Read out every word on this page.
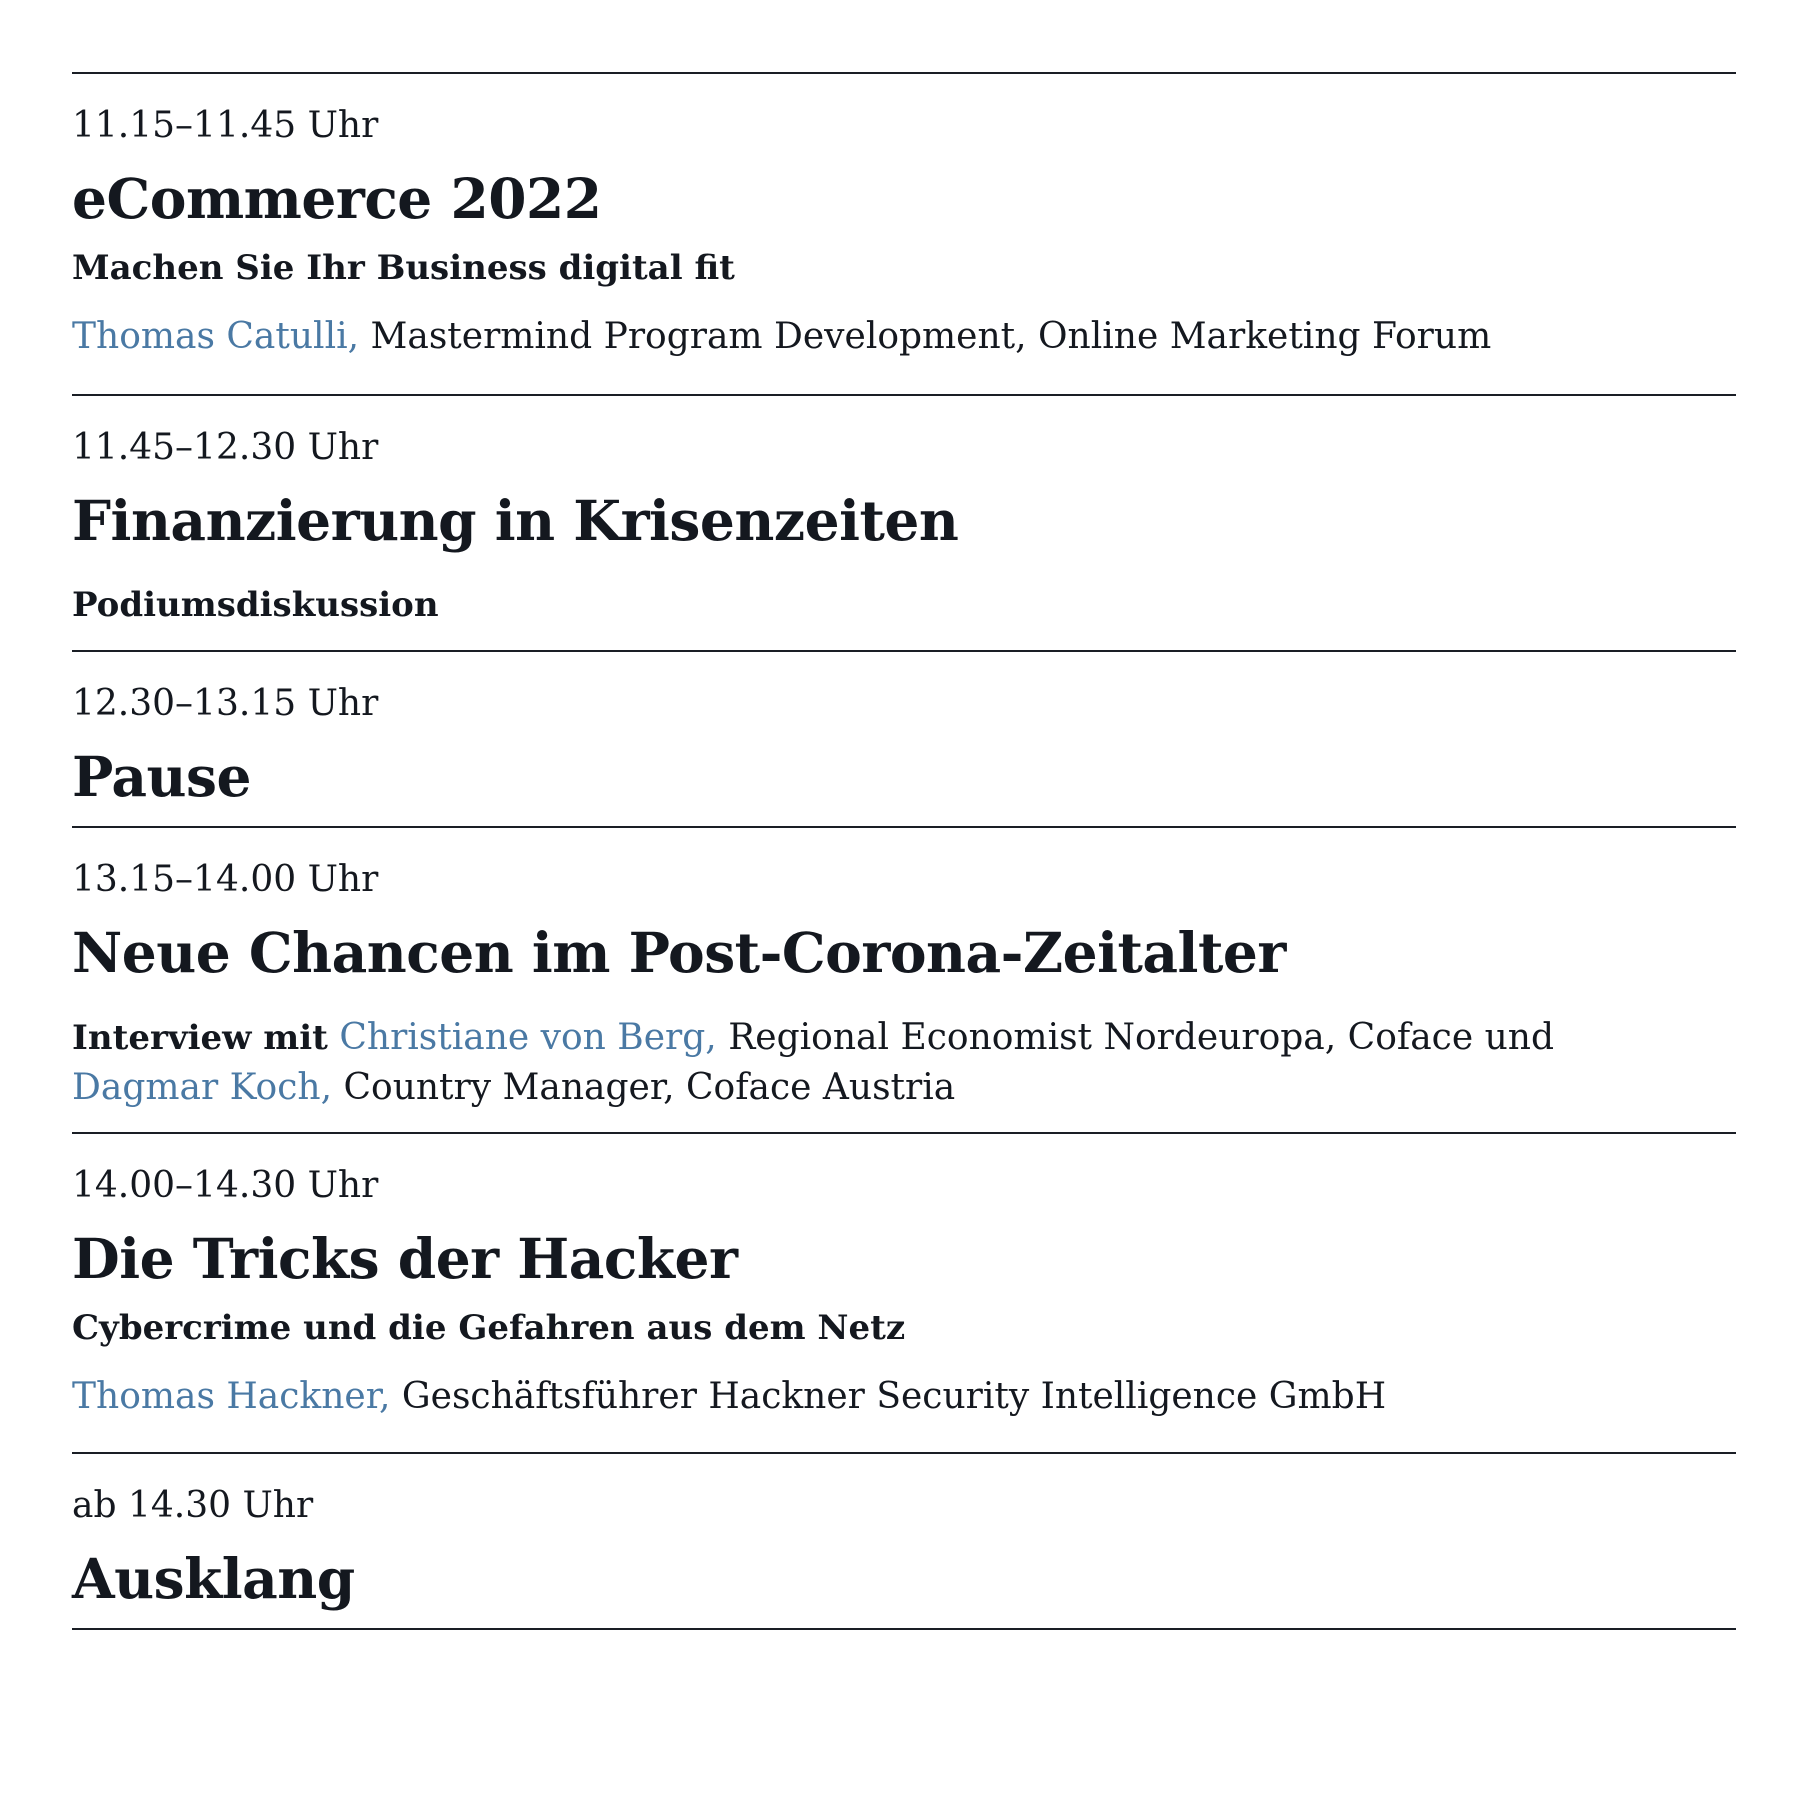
11.15–11.45 Uhr
eCommerce 2022
Machen Sie Ihr Business digital fit
Thomas Catulli, Mastermind Program Development, Online Marketing Forum
11.45–12.30 Uhr
Finanzierung in Krisenzeiten
Podiumsdiskussion
12.30–13.15 Uhr
Pause
13.15–14.00 Uhr
Neue Chancen im Post-Corona-Zeitalter
Interview mit Christiane von Berg, Regional Economist Nordeuropa, Coface und
Dagmar Koch, Country Manager, Coface Austria
14.00–14.30 Uhr
Die Tricks der Hacker
Cybercrime und die Gefahren aus dem Netz
Thomas Hackner, Geschäftsführer Hackner Security Intelligence GmbH
ab 14.30 Uhr
Ausklang
